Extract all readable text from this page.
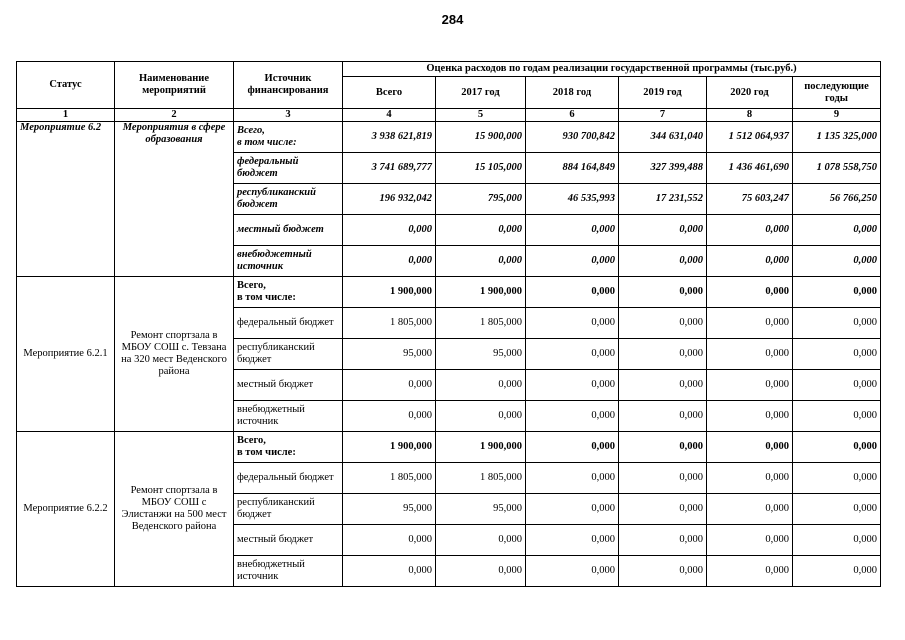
284
Статус	Наименование мероприятий	Источник финансирования	Оценка расходов по годам реализации государственной программы (тыс.руб.)					
			Всего	2017 год	2018 год	2019 год	2020 год	последующие годы
1	2	3	4	5	6	7	8	9
Мероприятие 6.2	Мероприятия в сфере образования	Всего,
в том числе:	3 938 621,819	15 900,000	930 700,842	344 631,040	1 512 064,937	1 135 325,000
		федеральный бюджет	3 741 689,777	15 105,000	884 164,849	327 399,488	1 436 461,690	1 078 558,750
		республиканский бюджет	196 932,042	795,000	46 535,993	17 231,552	75 603,247	56 766,250
		местный бюджет	0,000	0,000	0,000	0,000	0,000	0,000
		внебюджетный источник	0,000	0,000	0,000	0,000	0,000	0,000
Мероприятие 6.2.1	Ремонт спортзала в МБОУ СОШ с. Тевзана на 320 мест Веденского района	Всего,
в том числе:	1 900,000	1 900,000	0,000	0,000	0,000	0,000
		федеральный бюджет	1 805,000	1 805,000	0,000	0,000	0,000	0,000
		республиканский бюджет	95,000	95,000	0,000	0,000	0,000	0,000
		местный бюджет	0,000	0,000	0,000	0,000	0,000	0,000
		внебюджетный источник	0,000	0,000	0,000	0,000	0,000	0,000
Мероприятие 6.2.2	Ремонт спортзала в МБОУ СОШ с Элистанжи на 500 мест Веденского района	Всего,
в том числе:	1 900,000	1 900,000	0,000	0,000	0,000	0,000
		федеральный бюджет	1 805,000	1 805,000	0,000	0,000	0,000	0,000
		республиканский бюджет	95,000	95,000	0,000	0,000	0,000	0,000
		местный бюджет	0,000	0,000	0,000	0,000	0,000	0,000
		внебюджетный источник	0,000	0,000	0,000	0,000	0,000	0,000
